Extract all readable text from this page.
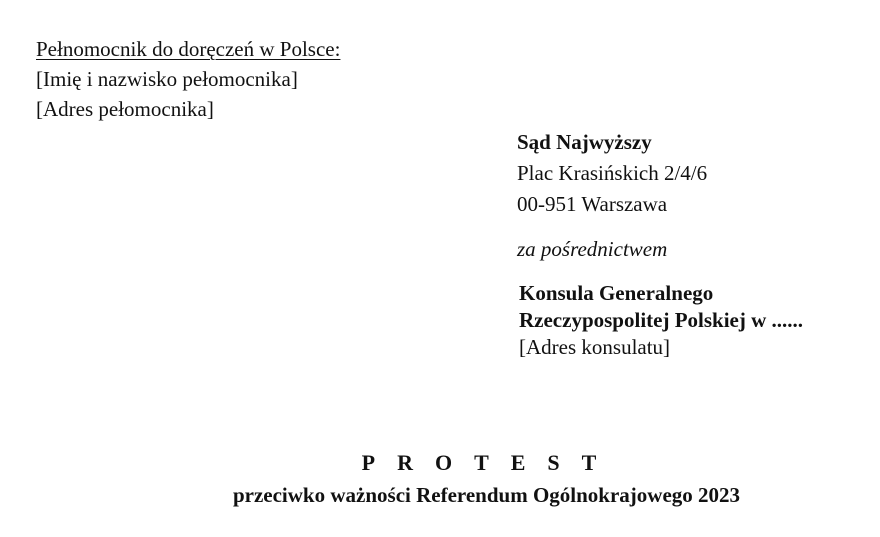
Pełnomocnik do doręczeń w Polsce:
[Imię i nazwisko pełomocnika]
[Adres pełomocnika]
Sąd Najwyższy
Plac Krasińskich 2/4/6
00-951 Warszawa
za pośrednictwem
Konsula Generalnego
Rzeczypospolitej Polskiej w ......
[Adres konsulatu]
PROTEST
przeciwko ważności Referendum Ogólnokrajowego 2023
